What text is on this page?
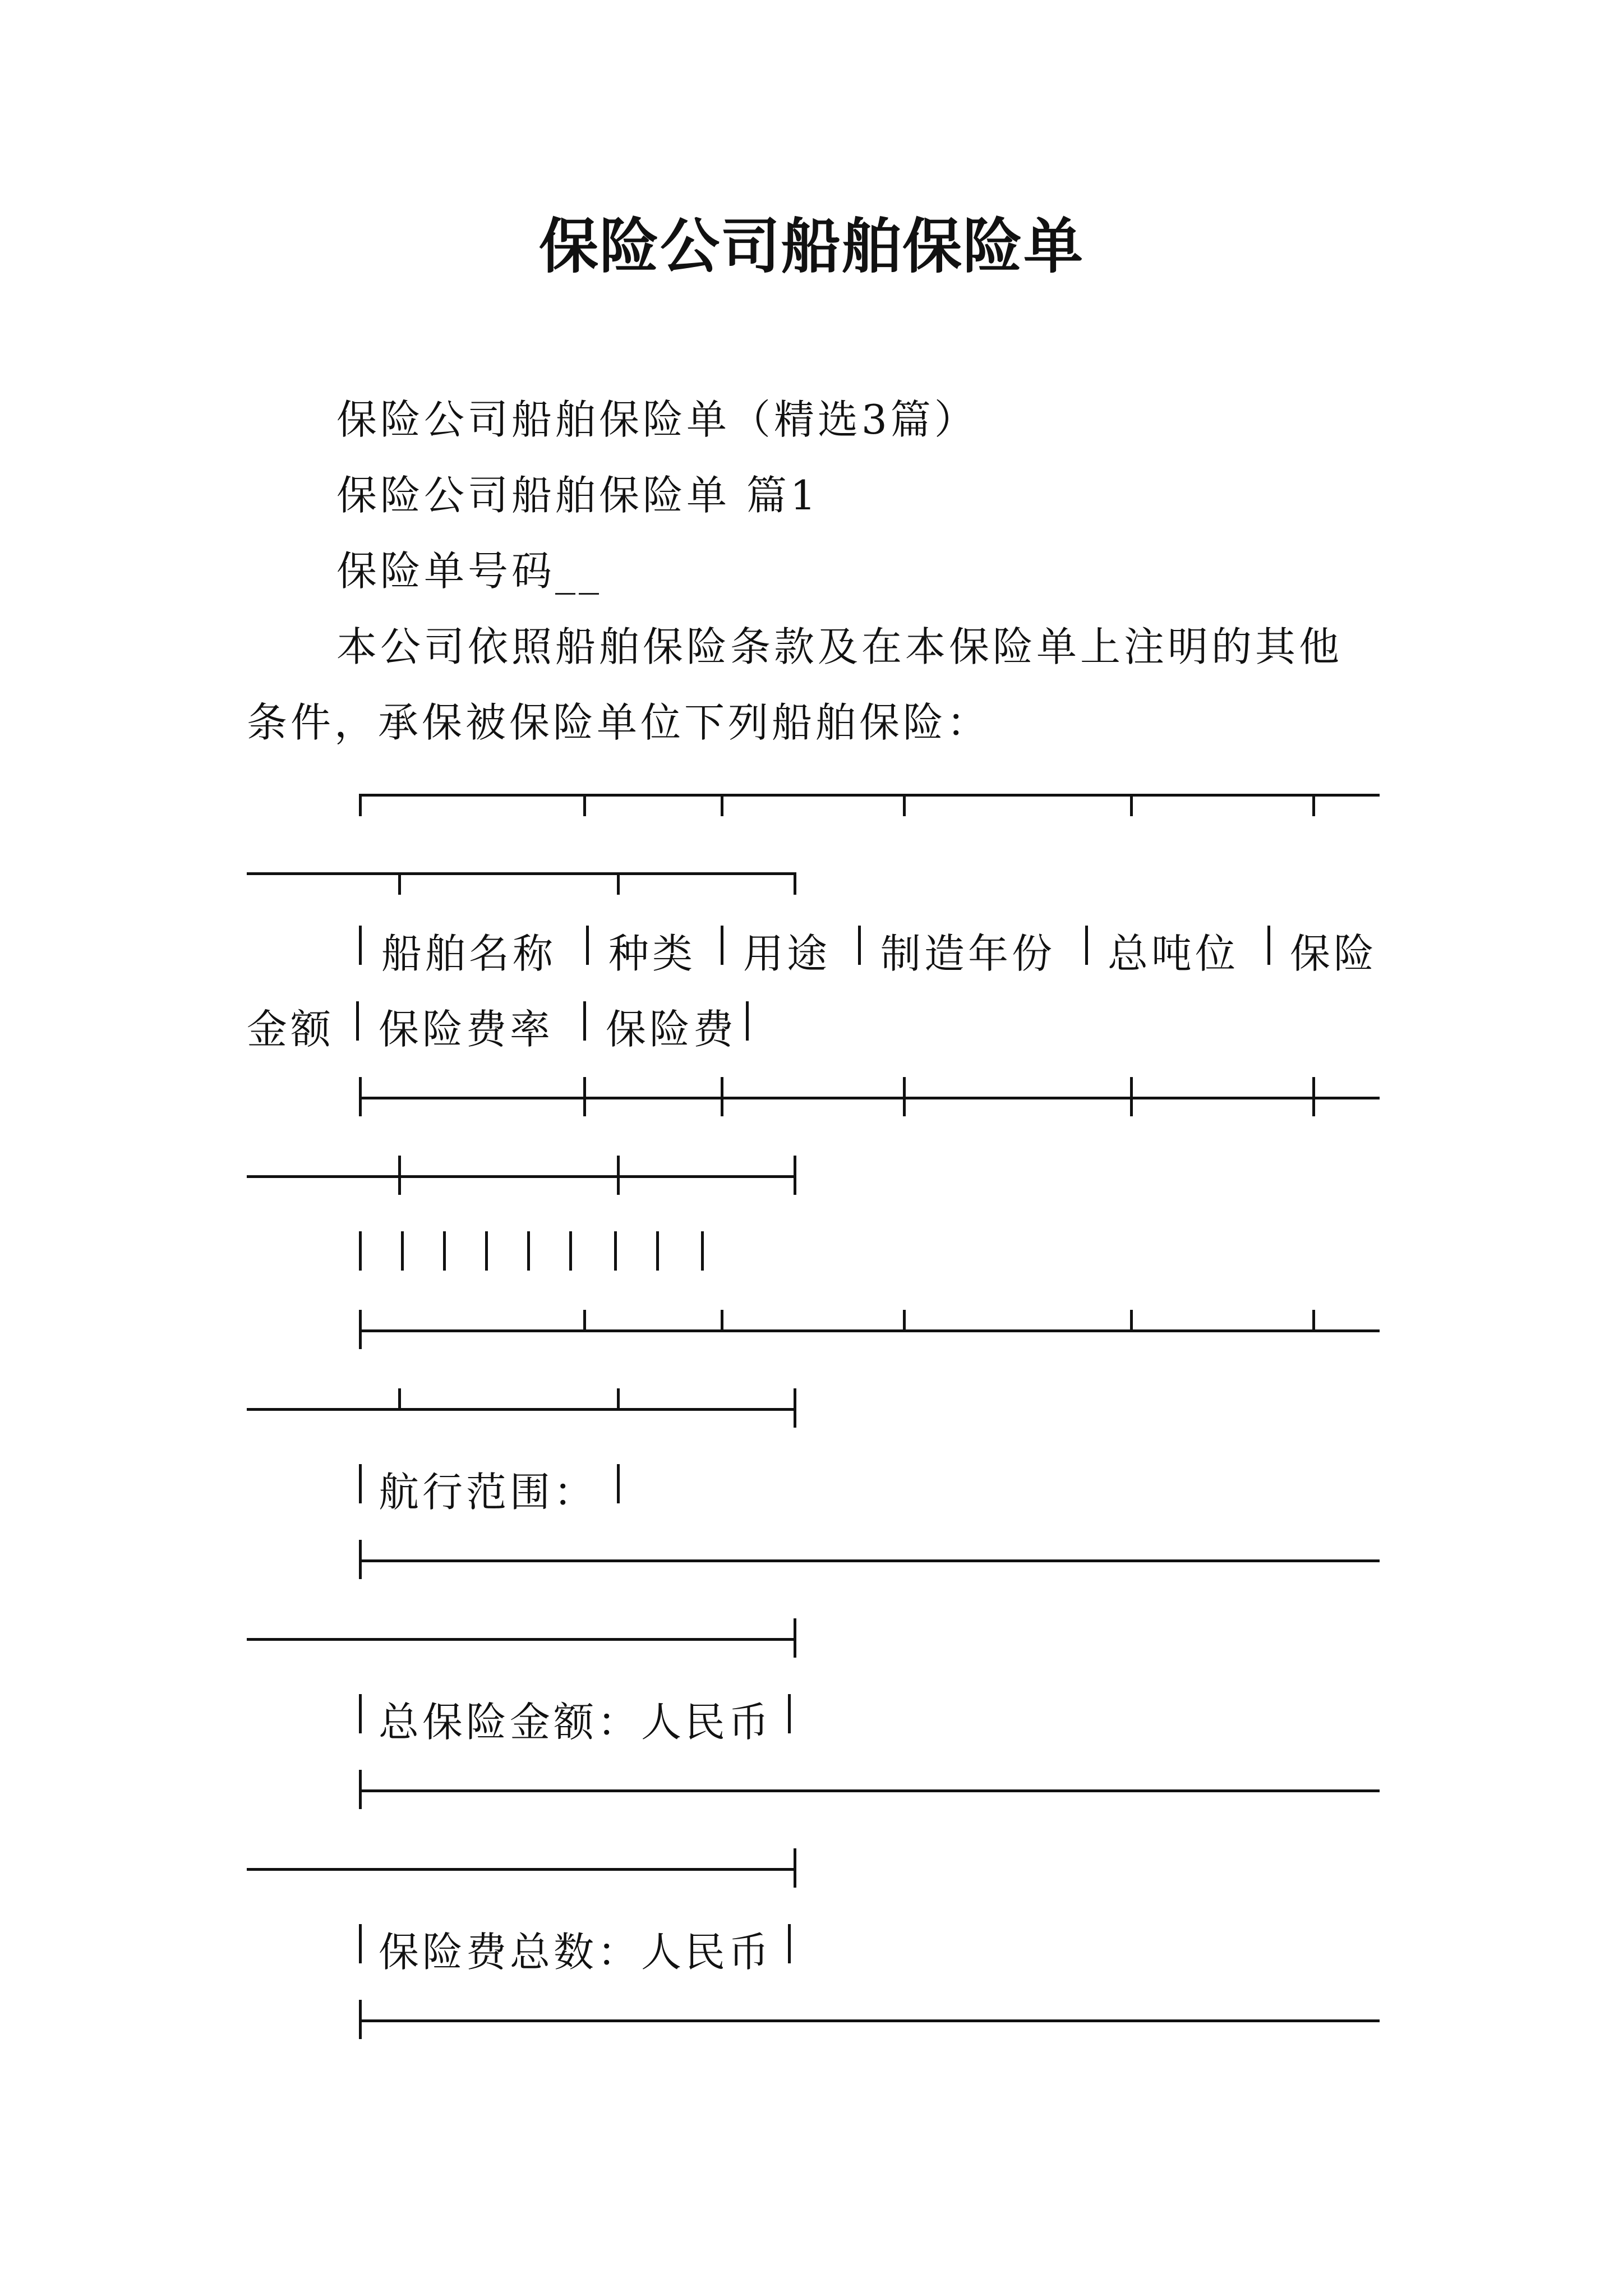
保险公司船舶保险单

保险公司船舶保险单（精选3篇）

保险公司船舶保险单 篇1

保险单号码__

本公司依照船舶保险条款及在本保险单上注明的其他

条件，承保被保险单位下列船舶保险：

船舶名称 种类 用途 制造年份 总吨位 保险
金额 保险费率 保险费
航行范围：
总保险金额：人民币
保险费总数：人民币
